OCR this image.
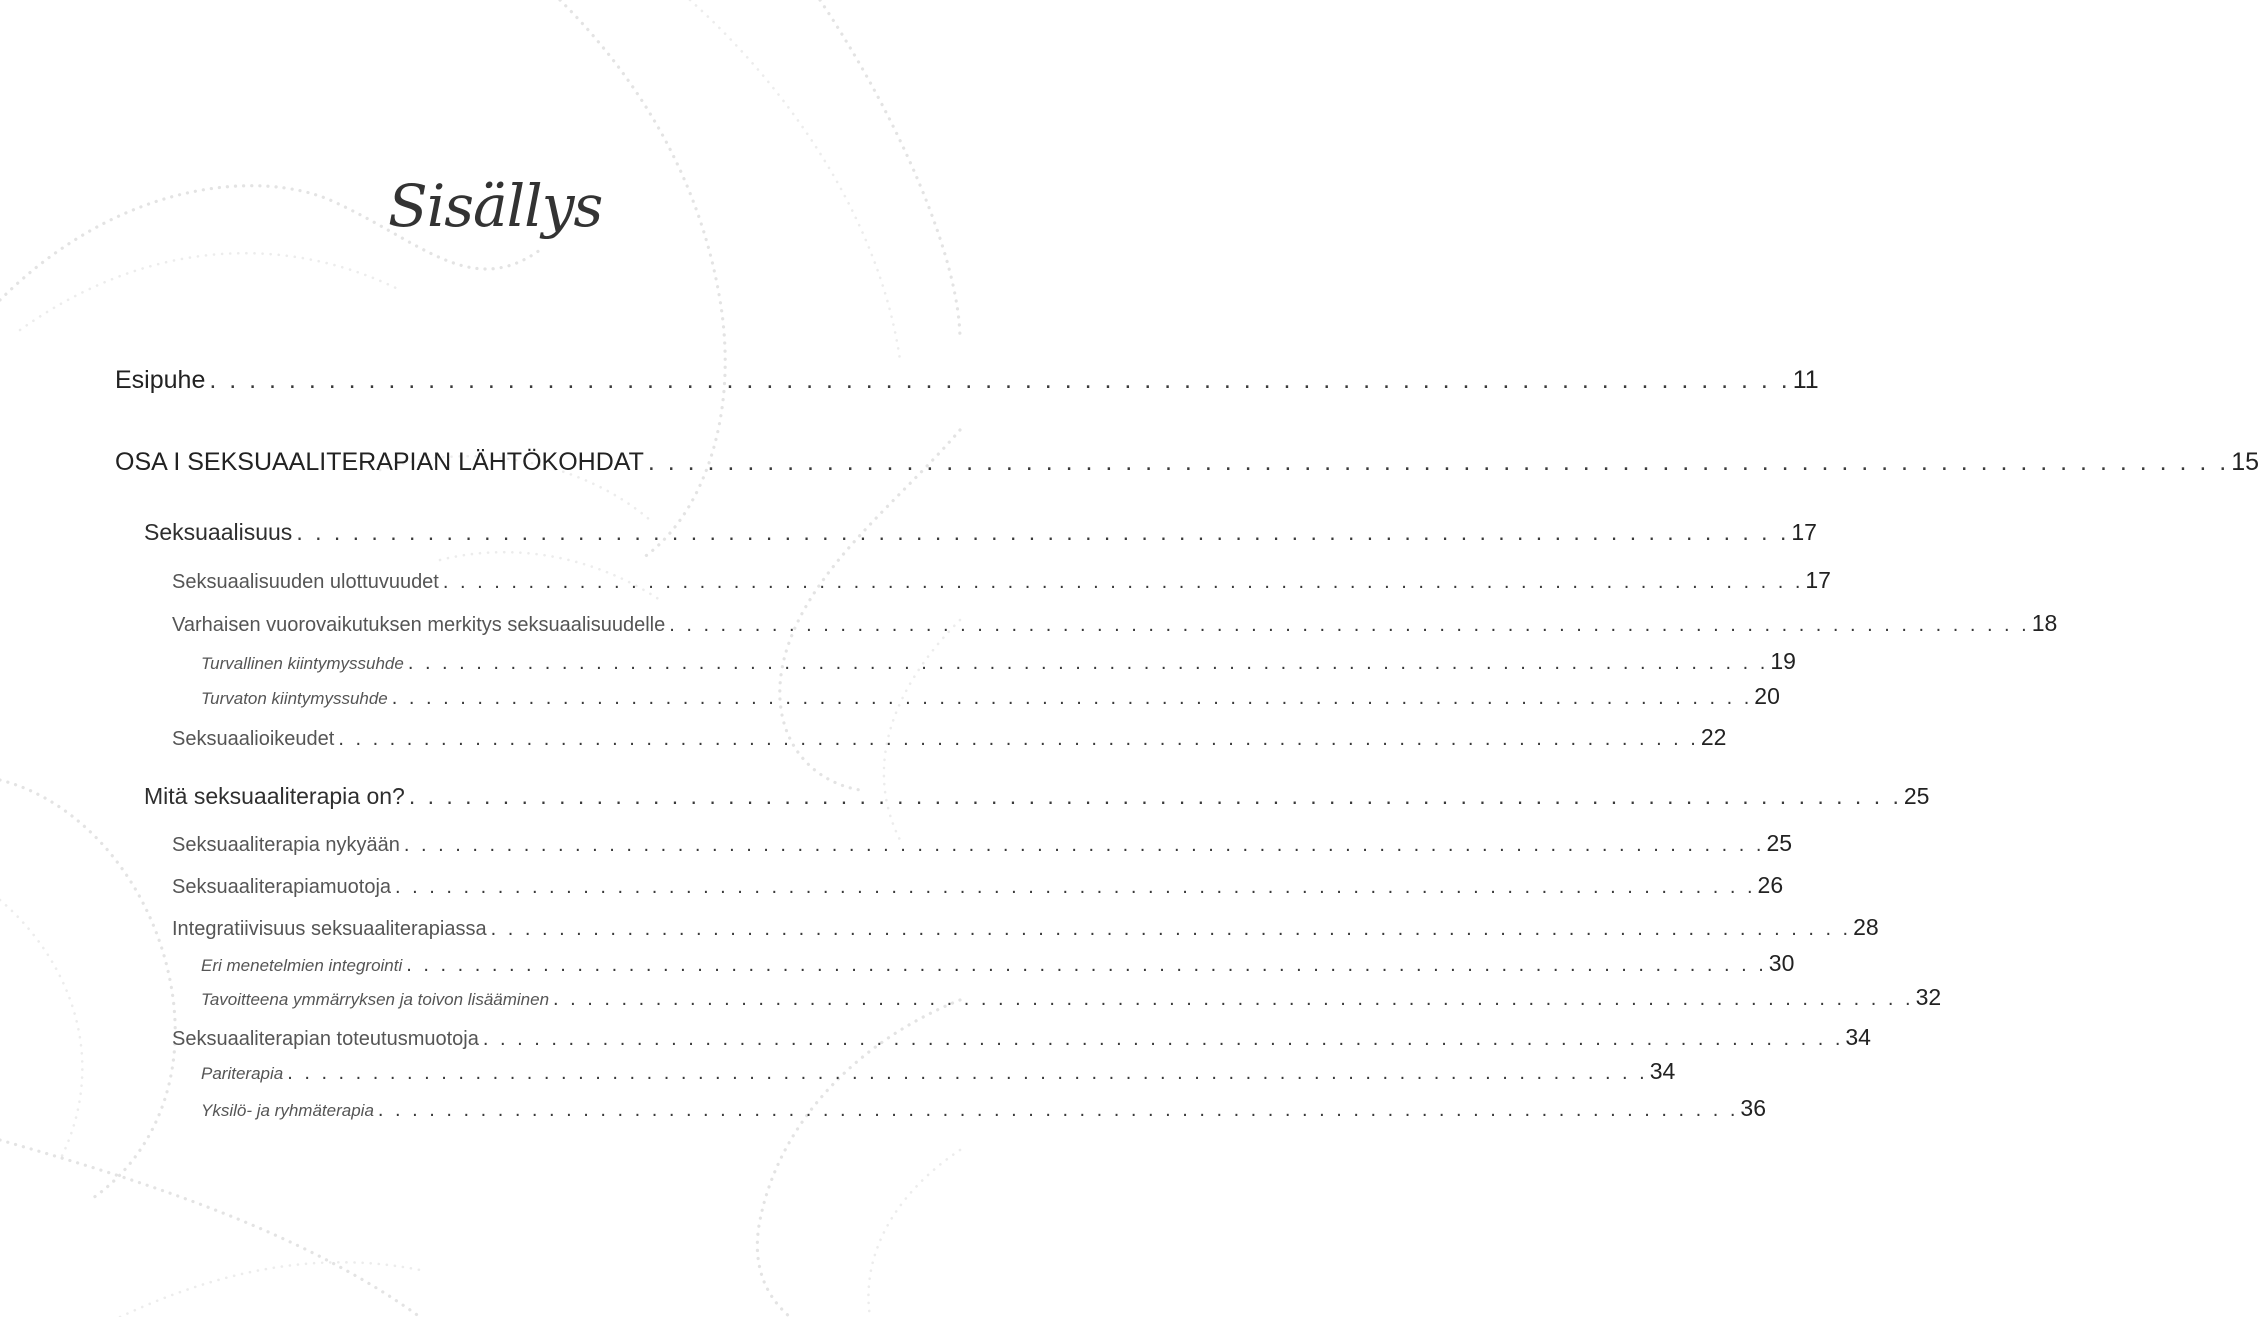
Sisällys
Esipuhe . . . . . . . . . . . . . . . . . . . . . . . . . . . . . . . . . . . . . . . . . . . . . . . . . . . . . . . . . . . . . . . . . . . . . . . . . . . . . . . . 11
OSA I SEKSUAALITERAPIAN LÄHTÖKOHDAT . . . . . . . . . . . . . . . . . . . . . . . . . . . . . . . . . . . . . . . . . . . . . . . . . . . . . . . . . . . . . . . . . . . . . . . . . . . . . . . . 15
Seksuaalisuus . . . . . . . . . . . . . . . . . . . . . . . . . . . . . . . . . . . . . . . . . . . . . . . . . . . . . . . . . . . . . . . . . . . . . . . . . . . . . . . . 17
Seksuaalisuuden ulottuvuudet . . . . . . . . . . . . . . . . . . . . . . . . . . . . . . . . . . . . . . . . . . . . . . . . . . . . . . . . . . . . . . . . . . . . . . . . . . . . . . . . 17
Varhaisen vuorovaikutuksen merkitys seksuaalisuudelle . . . . . . . . . . . . . . . . . . . . . . . . . . . . . . . . . . . . . . . . . . . . . . . . . . . . . . . . . . . . . . . . . . . . . . . . . . . . . . . . 18
Turvallinen kiintymyssuhde . . . . . . . . . . . . . . . . . . . . . . . . . . . . . . . . . . . . . . . . . . . . . . . . . . . . . . . . . . . . . . . . . . . . . . . . . . . . . . . . 19
Turvaton kiintymyssuhde . . . . . . . . . . . . . . . . . . . . . . . . . . . . . . . . . . . . . . . . . . . . . . . . . . . . . . . . . . . . . . . . . . . . . . . . . . . . . . . . 20
Seksuaalioikeudet . . . . . . . . . . . . . . . . . . . . . . . . . . . . . . . . . . . . . . . . . . . . . . . . . . . . . . . . . . . . . . . . . . . . . . . . . . . . . . . . 22
Mitä seksuaaliterapia on? . . . . . . . . . . . . . . . . . . . . . . . . . . . . . . . . . . . . . . . . . . . . . . . . . . . . . . . . . . . . . . . . . . . . . . . . . . . . . . . . 25
Seksuaaliterapia nykyään . . . . . . . . . . . . . . . . . . . . . . . . . . . . . . . . . . . . . . . . . . . . . . . . . . . . . . . . . . . . . . . . . . . . . . . . . . . . . . . . 25
Seksuaaliterapiamuotoja . . . . . . . . . . . . . . . . . . . . . . . . . . . . . . . . . . . . . . . . . . . . . . . . . . . . . . . . . . . . . . . . . . . . . . . . . . . . . . . . 26
Integratiivisuus seksuaaliterapiassa . . . . . . . . . . . . . . . . . . . . . . . . . . . . . . . . . . . . . . . . . . . . . . . . . . . . . . . . . . . . . . . . . . . . . . . . . . . . . . . . 28
Eri menetelmien integrointi . . . . . . . . . . . . . . . . . . . . . . . . . . . . . . . . . . . . . . . . . . . . . . . . . . . . . . . . . . . . . . . . . . . . . . . . . . . . . . . . 30
Tavoitteena ymmärryksen ja toivon lisääminen . . . . . . . . . . . . . . . . . . . . . . . . . . . . . . . . . . . . . . . . . . . . . . . . . . . . . . . . . . . . . . . . . . . . . . . . . . . . . . . . 32
Seksuaaliterapian toteutusmuotoja . . . . . . . . . . . . . . . . . . . . . . . . . . . . . . . . . . . . . . . . . . . . . . . . . . . . . . . . . . . . . . . . . . . . . . . . . . . . . . . . 34
Pariterapia . . . . . . . . . . . . . . . . . . . . . . . . . . . . . . . . . . . . . . . . . . . . . . . . . . . . . . . . . . . . . . . . . . . . . . . . . . . . . . . . 34
Yksilö- ja ryhmäterapia . . . . . . . . . . . . . . . . . . . . . . . . . . . . . . . . . . . . . . . . . . . . . . . . . . . . . . . . . . . . . . . . . . . . . . . . . . . . . . . . 36
